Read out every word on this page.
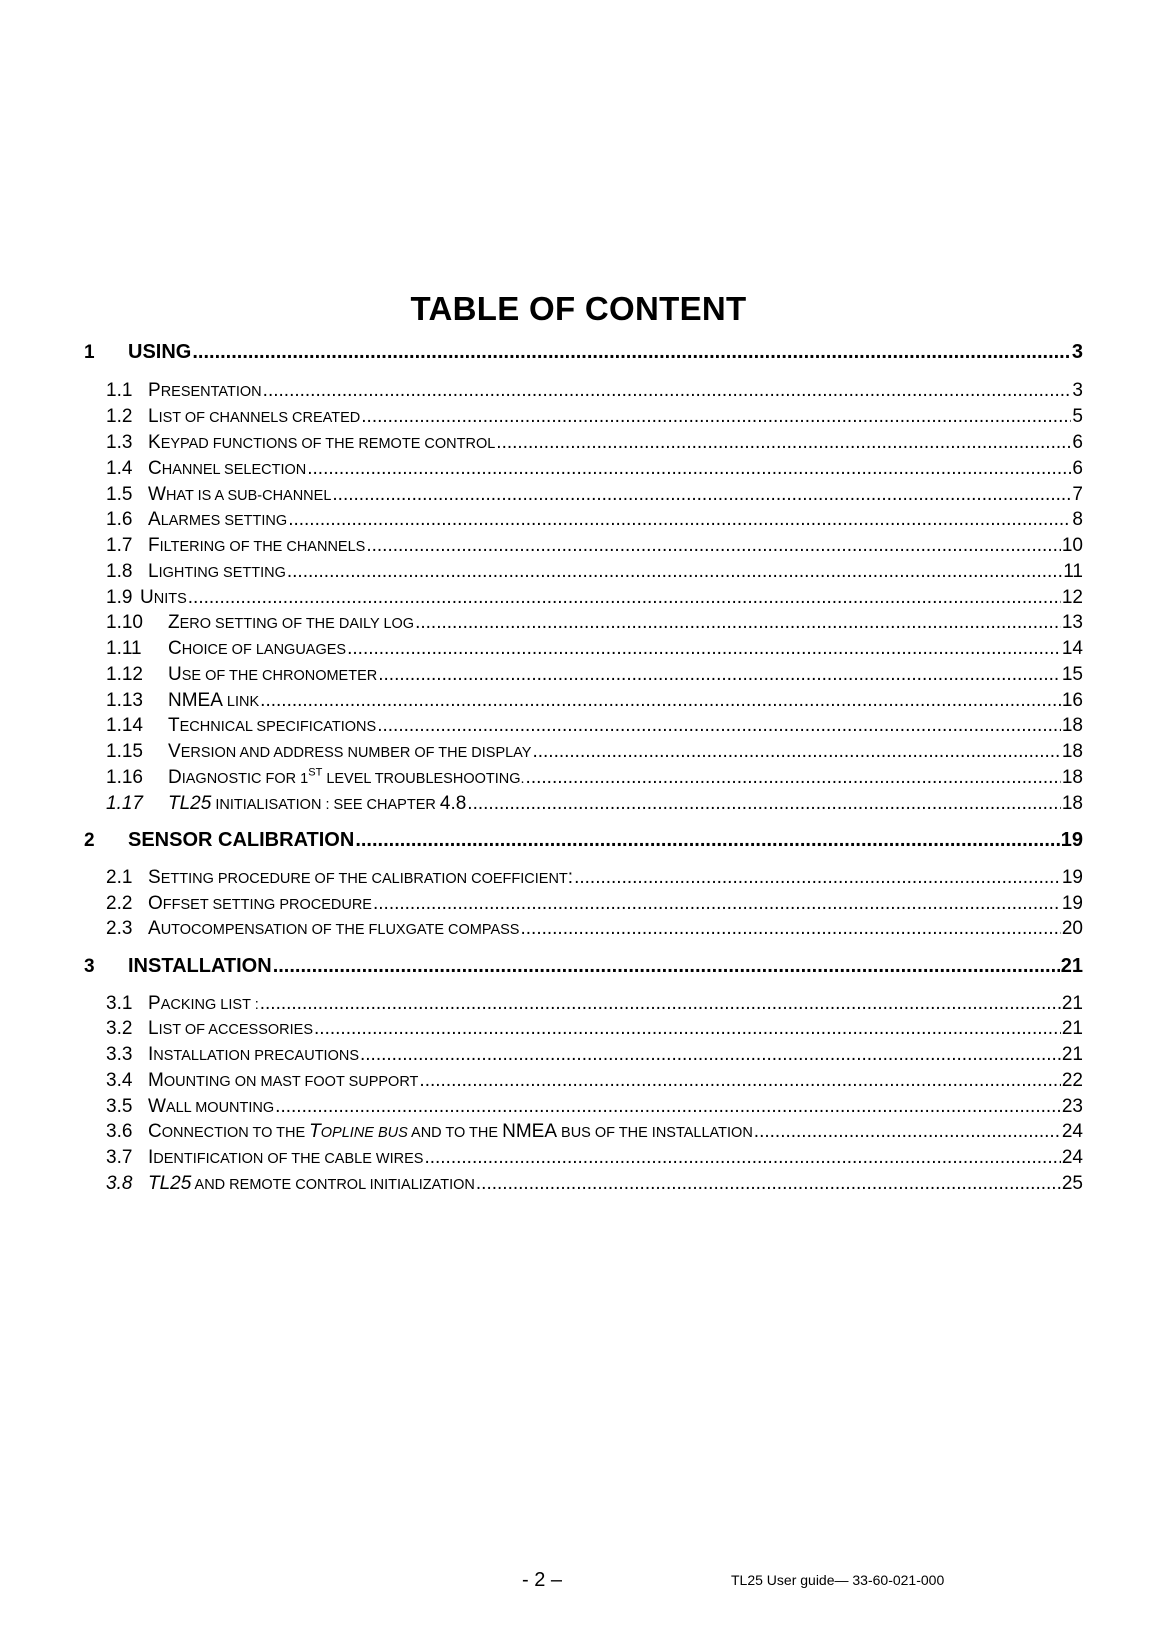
TABLE OF CONTENT
1	USING .....	3
1.1 PRESENTATION .....	3
1.2 LIST OF CHANNELS CREATED .....	5
1.3 KEYPAD FUNCTIONS OF THE REMOTE CONTROL .....	6
1.4 CHANNEL SELECTION .....	6
1.5 WHAT IS A SUB-CHANNEL .....	7
1.6 ALARMES SETTING .....	8
1.7 FILTERING OF THE CHANNELS .....	10
1.8 LIGHTING SETTING .....	11
1.9 UNITS .....	12
1.10	ZERO SETTING OF THE DAILY LOG .....	13
1.11	CHOICE OF LANGUAGES .....	14
1.12	USE OF THE CHRONOMETER .....	15
1.13	NMEA LINK .....	16
1.14	TECHNICAL SPECIFICATIONS .....	18
1.15	VERSION AND ADDRESS NUMBER OF THE DISPLAY .....	18
1.16	DIAGNOSTIC FOR 1ST LEVEL TROUBLESHOOTING. .....	18
1.17	TL25 INITIALISATION : SEE CHAPTER 4.8 .....	18
2	SENSOR CALIBRATION .....	19
2.1 SETTING PROCEDURE OF THE CALIBRATION COEFFICIENT: .....	19
2.2 OFFSET SETTING PROCEDURE .....	19
2.3 AUTOCOMPENSATION OF THE FLUXGATE COMPASS .....	20
3	INSTALLATION .....	21
3.1 PACKING LIST : .....	21
3.2 LIST OF ACCESSORIES .....	21
3.3 INSTALLATION PRECAUTIONS .....	21
3.4 MOUNTING ON MAST FOOT SUPPORT .....	22
3.5 WALL MOUNTING .....	23
3.6 CONNECTION TO THE TOPLINE BUS AND TO THE NMEA BUS OF THE INSTALLATION .....	24
3.7 IDENTIFICATION OF THE CABLE WIRES .....	24
3.8 TL25 AND REMOTE CONTROL INITIALIZATION .....	25
- 2 –	TL25 User guide— 33-60-021-000
